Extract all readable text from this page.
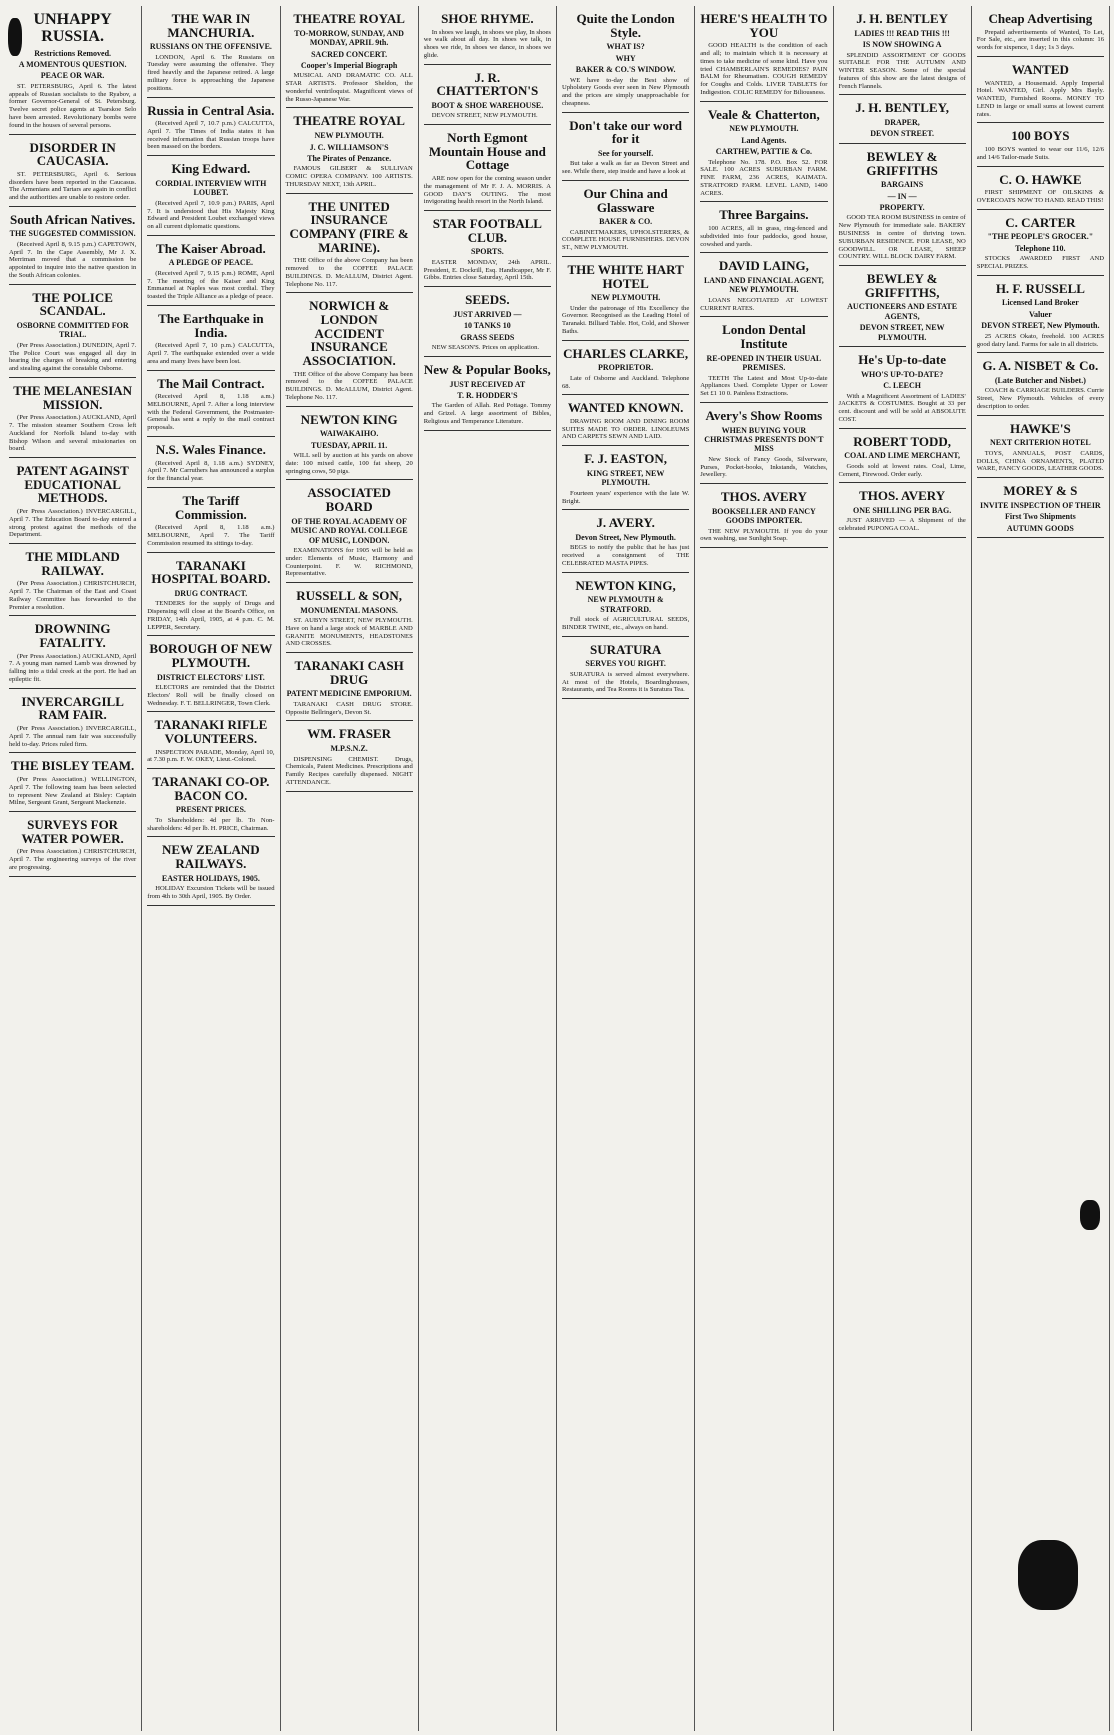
UNHAPPY RUSSIA.
Restrictions Removed.
A MOMENTOUS QUESTION.
PEACE OR WAR.

ST. PETERSBURG, April 6. The latest appeals of Russian socialists to the Ryabov, a former Governor-General of St. Petersburg. Twelve secret police agents at Tsarskoe Selo have been arrested. Revolutionary bombs were found in the houses of several persons.

DISORDER IN CAUCASIA.

ST. PETERSBURG, April 6. Serious disorders have been reported in the Caucasus. The Armenians and Tartars are again in conflict and the authorities are unable to restore order.

South African Natives.
THE SUGGESTED COMMISSION.

(Received April 8, 9.15 p.m.) CAPETOWN, April 7. In the Cape Assembly, Mr J. X. Merriman moved that a commission be appointed to inquire into the native question in the South African colonies.

THE POLICE SCANDAL.
OSBORNE COMMITTED FOR TRIAL.

(Per Press Association.) DUNEDIN, April 7. The Police Court was engaged all day in hearing the charges of breaking and entering and stealing against the constable Osborne.

THE MELANESIAN MISSION.

(Per Press Association.) AUCKLAND, April 7. The mission steamer Southern Cross left Auckland for Norfolk Island to-day with Bishop Wilson and several missionaries on board.

PATENT AGAINST EDUCATIONAL METHODS.

(Per Press Association.) INVERCARGILL, April 7. The Education Board to-day entered a strong protest against the methods of the Department.

THE MIDLAND RAILWAY.

(Per Press Association.) CHRISTCHURCH, April 7. The Chairman of the East and Coast Railway Committee has forwarded to the Premier a resolution.

DROWNING FATALITY.

(Per Press Association.) AUCKLAND, April 7. A young man named Lamb was drowned by falling into a tidal creek at the port. He had an epileptic fit.

INVERCARGILL RAM FAIR.

(Per Press Association.) INVERCARGILL, April 7. The annual ram fair was successfully held to-day. Prices ruled firm.

THE BISLEY TEAM.

(Per Press Association.) WELLINGTON, April 7. The following team has been selected to represent New Zealand at Bisley: Captain Milne, Sergeant Grant, Sergeant Mackenzie.

SURVEYS FOR WATER POWER.

(Per Press Association.) CHRISTCHURCH, April 7. The engineering surveys of the river are progressing.

THE WAR IN MANCHURIA.
RUSSIANS ON THE OFFENSIVE.

LONDON, April 6. The Russians on Tuesday were assuming the offensive. They fired heavily and the Japanese retired. A large military force is approaching the Japanese positions.

Russia in Central Asia.

(Received April 7, 10.7 p.m.) CALCUTTA, April 7. The Times of India states it has received information that Russian troops have been massed on the borders.

King Edward.
CORDIAL INTERVIEW WITH LOUBET.

(Received April 7, 10.9 p.m.) PARIS, April 7. It is understood that His Majesty King Edward and President Loubet exchanged views on all current diplomatic questions.

The Kaiser Abroad.
A PLEDGE OF PEACE.

(Received April 7, 9.15 p.m.) ROME, April 7. The meeting of the Kaiser and King Emmanuel at Naples was most cordial. They toasted the Triple Alliance as a pledge of peace.

The Earthquake in India.

(Received April 7, 10 p.m.) CALCUTTA, April 7. The earthquake extended over a wide area and many lives have been lost.

The Mail Contract.

(Received April 8, 1.18 a.m.) MELBOURNE, April 7. After a long interview with the Federal Government, the Postmaster-General has sent a reply to the mail contract proposals.

N.S. Wales Finance.

(Received April 8, 1.18 a.m.) SYDNEY, April 7. Mr Carruthers has announced a surplus for the financial year.

The Tariff Commission.

(Received April 8, 1.18 a.m.) MELBOURNE, April 7. The Tariff Commission resumed its sittings to-day.

TARANAKI HOSPITAL BOARD.
DRUG CONTRACT.

TENDERS for the supply of Drugs and Dispensing will close at the Board's Office, on FRIDAY, 14th April, 1905, at 4 p.m. C. M. LEPPER, Secretary.

BOROUGH OF NEW PLYMOUTH.
DISTRICT ELECTORS' LIST.

ELECTORS are reminded that the District Electors' Roll will be finally closed on Wednesday. F. T. BELLRINGER, Town Clerk.

TARANAKI RIFLE VOLUNTEERS.

INSPECTION PARADE, Monday, April 10, at 7.30 p.m. F. W. OKEY, Lieut.-Colonel.

TARANAKI CO-OP. BACON CO.
PRESENT PRICES.

To Shareholders: 4d per lb. To Non-shareholders: 4d per lb. H. PRICE, Chairman.

NEW ZEALAND RAILWAYS.
EASTER HOLIDAYS, 1905.

HOLIDAY Excursion Tickets will be issued from 4th to 30th April, 1905. By Order.

THEATRE ROYAL
TO-MORROW, SUNDAY, AND MONDAY, APRIL 9th.
SACRED CONCERT.
Cooper's Imperial Biograph

MUSICAL AND DRAMATIC CO. ALL STAR ARTISTS. Professor Sheldon, the wonderful ventriloquist. Magnificent views of the Russo-Japanese War.

THEATRE ROYAL
NEW PLYMOUTH.
J. C. WILLIAMSON'S
The Pirates of Penzance.

FAMOUS GILBERT & SULLIVAN COMIC OPERA COMPANY. 100 ARTISTS. THURSDAY NEXT, 13th APRIL.

THE UNITED INSURANCE COMPANY (FIRE & MARINE).

THE Office of the above Company has been removed to the COFFEE PALACE BUILDINGS. D. McALLUM, District Agent. Telephone No. 117.

NORWICH & LONDON ACCIDENT INSURANCE ASSOCIATION.

THE Office of the above Company has been removed to the COFFEE PALACE BUILDINGS. D. McALLUM, District Agent. Telephone No. 117.

NEWTON KING
WAIWAKAIHO.
TUESDAY, APRIL 11.

WILL sell by auction at his yards on above date: 100 mixed cattle, 100 fat sheep, 20 springing cows, 50 pigs.

ASSOCIATED BOARD
OF THE ROYAL ACADEMY OF MUSIC AND ROYAL COLLEGE OF MUSIC, LONDON.

EXAMINATIONS for 1905 will be held as under: Elements of Music, Harmony and Counterpoint. F. W. RICHMOND, Representative.

RUSSELL & SON,
MONUMENTAL MASONS.

ST. AUBYN STREET, NEW PLYMOUTH. Have on hand a large stock of MARBLE AND GRANITE MONUMENTS, HEADSTONES AND CROSSES.

TARANAKI CASH DRUG
PATENT MEDICINE EMPORIUM.

TARANAKI CASH DRUG STORE. Opposite Bellringer's, Devon St.

WM. FRASER
M.P.S.N.Z.

DISPENSING CHEMIST. Drugs, Chemicals, Patent Medicines. Prescriptions and Family Recipes carefully dispensed. NIGHT ATTENDANCE.

SHOE RHYME.

In shoes we laugh, in shoes we play, In shoes we walk about all day. In shoes we talk, in shoes we ride, In shoes we dance, in shoes we glide.

J. R. CHATTERTON'S
BOOT & SHOE WAREHOUSE.

DEVON STREET, NEW PLYMOUTH.

North Egmont Mountain House and Cottage

ARE now open for the coming season under the management of Mr F. J. A. MORRIS. A GOOD DAY'S OUTING. The most invigorating health resort in the North Island.

STAR FOOTBALL CLUB.
SPORTS.

EASTER MONDAY, 24th APRIL. President, E. Dockrill, Esq. Handicapper, Mr F. Gibbs. Entries close Saturday, April 15th.

SEEDS.
JUST ARRIVED —
10 TANKS 10
GRASS SEEDS

NEW SEASON'S. Prices on application.

New & Popular Books,
JUST RECEIVED AT
T. R. HODDER'S

The Garden of Allah. Red Pottage. Tommy and Grizel. A large assortment of Bibles, Religious and Temperance Literature.

Quite the London Style.
WHAT IS?
WHY
BAKER & CO.'S WINDOW.

WE have to-day the Best show of Upholstery Goods ever seen in New Plymouth and the prices are simply unapproachable for cheapness.

Don't take our word for it
See for yourself.

But take a walk as far as Devon Street and see. While there, step inside and have a look at

Our China and Glassware
BAKER & CO.

CABINETMAKERS, UPHOLSTERERS, & COMPLETE HOUSE FURNISHERS. DEVON ST., NEW PLYMOUTH.

THE WHITE HART HOTEL
NEW PLYMOUTH.

Under the patronage of His Excellency the Governor. Recognised as the Leading Hotel of Taranaki. Billiard Table. Hot, Cold, and Shower Baths.

CHARLES CLARKE,
PROPRIETOR.

Late of Osborne and Auckland. Telephone 68.

WANTED KNOWN.

DRAWING ROOM AND DINING ROOM SUITES MADE TO ORDER. LINOLEUMS AND CARPETS SEWN AND LAID.

F. J. EASTON,
KING STREET, NEW PLYMOUTH.

Fourteen years' experience with the late W. Bright.

J. AVERY.
Devon Street, New Plymouth.

BEGS to notify the public that he has just received a consignment of THE CELEBRATED MASTA PIPES.

NEWTON KING,
NEW PLYMOUTH & STRATFORD.

Full stock of AGRICULTURAL SEEDS, BINDER TWINE, etc., always on hand.

SURATURA
SERVES YOU RIGHT.

SURATURA is served almost everywhere. At most of the Hotels, Boardinghouses, Restaurants, and Tea Rooms it is Suratura Tea.

HERE'S HEALTH TO YOU

GOOD HEALTH is the condition of each and all; to maintain which it is necessary at times to take medicine of some kind. Have you tried CHAMBERLAIN'S REMEDIES? PAIN BALM for Rheumatism. COUGH REMEDY for Coughs and Colds. LIVER TABLETS for Indigestion. COLIC REMEDY for Biliousness.

Veale & Chatterton,
NEW PLYMOUTH.
Land Agents.
CARTHEW, PATTIE & Co.

Telephone No. 178. P.O. Box 52. FOR SALE. 100 ACRES SUBURBAN FARM. FINE FARM, 236 ACRES, KAIMATA. STRATFORD FARM. LEVEL LAND, 1400 ACRES.

Three Bargains.

100 ACRES, all in grass, ring-fenced and subdivided into four paddocks, good house, cowshed and yards.

DAVID LAING,
LAND AND FINANCIAL AGENT, NEW PLYMOUTH.

LOANS NEGOTIATED AT LOWEST CURRENT RATES.

London Dental Institute
RE-OPENED IN THEIR USUAL PREMISES.

TEETH The Latest and Most Up-to-date Appliances Used. Complete Upper or Lower Set £1 10 0. Painless Extractions.

Avery's Show Rooms
WHEN BUYING YOUR CHRISTMAS PRESENTS DON'T MISS

New Stock of Fancy Goods, Silverware, Purses, Pocket-books, Inkstands, Watches, Jewellery.

THOS. AVERY
BOOKSELLER AND FANCY GOODS IMPORTER.

THE NEW PLYMOUTH. If you do your own washing, use Sunlight Soap.

J. H. BENTLEY
LADIES !!! READ THIS !!!
IS NOW SHOWING A

SPLENDID ASSORTMENT OF GOODS SUITABLE FOR THE AUTUMN AND WINTER SEASON. Some of the special features of this show are the latest designs of French Flannels.

J. H. BENTLEY,
DRAPER,
DEVON STREET.
BEWLEY & GRIFFITHS
BARGAINS
— IN —
PROPERTY.

GOOD TEA ROOM BUSINESS in centre of New Plymouth for immediate sale. BAKERY BUSINESS in centre of thriving town. SUBURBAN RESIDENCE. FOR LEASE, NO GOODWILL. OR LEASE, SHEEP COUNTRY. WILL BLOCK DAIRY FARM.

BEWLEY & GRIFFITHS,
AUCTIONEERS AND ESTATE AGENTS,
DEVON STREET, NEW PLYMOUTH.
He's Up-to-date
WHO'S UP-TO-DATE?
C. LEECH

With a Magnificent Assortment of LADIES' JACKETS & COSTUMES. Bought at 33 per cent. discount and will be sold at ABSOLUTE COST.

ROBERT TODD,
COAL AND LIME MERCHANT,

Goods sold at lowest rates. Coal, Lime, Cement, Firewood. Order early.

THOS. AVERY
ONE SHILLING PER BAG.

JUST ARRIVED — A Shipment of the celebrated PUPONGA COAL.

Cheap Advertising

Prepaid advertisements of Wanted, To Let, For Sale, etc., are inserted in this column: 16 words for sixpence, 1 day; 1s 3 days.

WANTED

WANTED, a Housemaid. Apply Imperial Hotel. WANTED, Girl. Apply Mrs Bayly. WANTED, Furnished Rooms. MONEY TO LEND in large or small sums at lowest current rates.

100 BOYS

100 BOYS wanted to wear our 11/6, 12/6 and 14/6 Tailor-made Suits.

C. O. HAWKE

FIRST SHIPMENT OF OILSKINS & OVERCOATS NOW TO HAND. READ THIS!

C. CARTER
"THE PEOPLE'S GROCER."
Telephone 110.

STOCKS AWARDED FIRST AND SPECIAL PRIZES.

H. F. RUSSELL
Licensed Land Broker
Valuer
DEVON STREET, New Plymouth.

25 ACRES Okato, freehold. 100 ACRES good dairy land. Farms for sale in all districts.

G. A. NISBET & Co.
(Late Butcher and Nisbet.)

COACH & CARRIAGE BUILDERS. Currie Street, New Plymouth. Vehicles of every description to order.

HAWKE'S
NEXT CRITERION HOTEL

TOYS, ANNUALS, POST CARDS, DOLLS, CHINA ORNAMENTS, PLATED WARE, FANCY GOODS, LEATHER GOODS.

MOREY & S
INVITE INSPECTION OF THEIR
First Two Shipments
AUTUMN GOODS
